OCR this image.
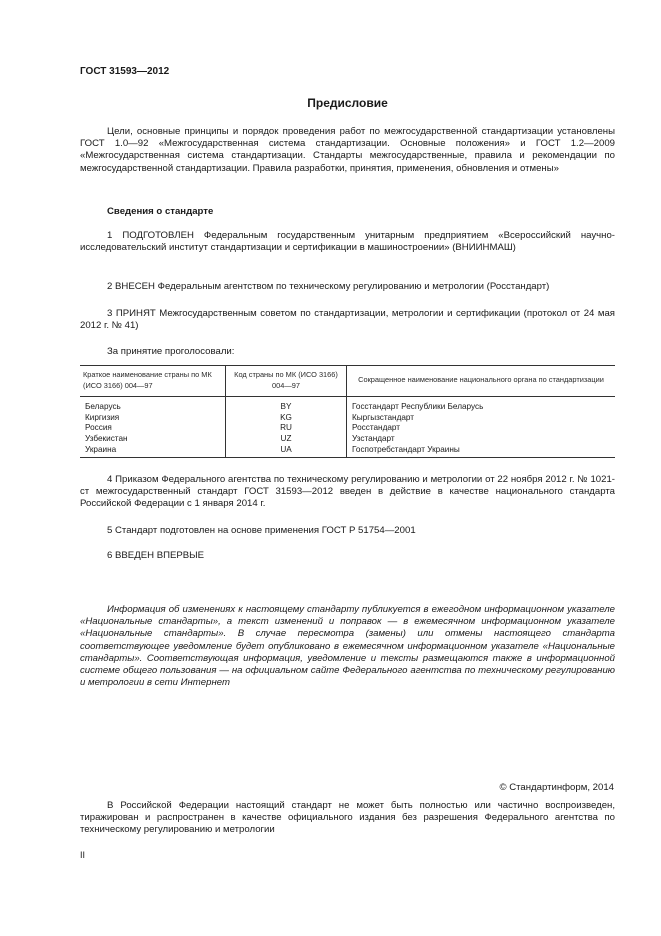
ГОСТ 31593—2012
Предисловие

Цели, основные принципы и порядок проведения работ по межгосударственной стандартизации установлены ГОСТ 1.0—92 «Межгосударственная система стандартизации. Основные положения» и ГОСТ 1.2—2009 «Межгосударственная система стандартизации. Стандарты межгосударственные, правила и рекомендации по межгосударственной стандартизации. Правила разработки, принятия, применения, обновления и отмены»

Сведения о стандарте

1 ПОДГОТОВЛЕН Федеральным государственным унитарным предприятием «Всероссийский научно-исследовательский институт стандартизации и сертификации в машиностроении» (ВНИИНМАШ)

2 ВНЕСЕН Федеральным агентством по техническому регулированию и метрологии (Росстандарт)

3 ПРИНЯТ Межгосударственным советом по стандартизации, метрологии и сертификации (протокол от 24 мая 2012 г. № 41)

За принятие проголосовали:

Краткое наименование страны по МК (ИСО 3166) 004—97	Код страны по МК (ИСО 3166) 004—97	Сокращенное наименование национального органа по стандартизации
Беларусь	BY	Госстандарт Республики Беларусь
Киргизия	KG	Кыргызстандарт
Россия	RU	Росстандарт
Узбекистан	UZ	Узстандарт
Украина	UA	Госпотребстандарт Украины

4 Приказом Федерального агентства по техническому регулированию и метрологии от 22 ноября 2012 г. № 1021-ст межгосударственный стандарт ГОСТ 31593—2012 введен в действие в качестве национального стандарта Российской Федерации с 1 января 2014 г.

5 Стандарт подготовлен на основе применения ГОСТ Р 51754—2001

6 ВВЕДЕН ВПЕРВЫЕ

Информация об изменениях к настоящему стандарту публикуется в ежегодном информационном указателе «Национальные стандарты», а текст изменений и поправок — в ежемесячном информационном указателе «Национальные стандарты». В случае пересмотра (замены) или отмены настоящего стандарта соответствующее уведомление будет опубликовано в ежемесячном информационном указателе «Национальные стандарты». Соответствующая информация, уведомление и тексты размещаются также в информационной системе общего пользования — на официальном сайте Федерального агентства по техническому регулированию и метрологии в сети Интернет

© Стандартинформ, 2014

В Российской Федерации настоящий стандарт не может быть полностью или частично воспроизведен, тиражирован и распространен в качестве официального издания без разрешения Федерального агентства по техническому регулированию и метрологии

II
